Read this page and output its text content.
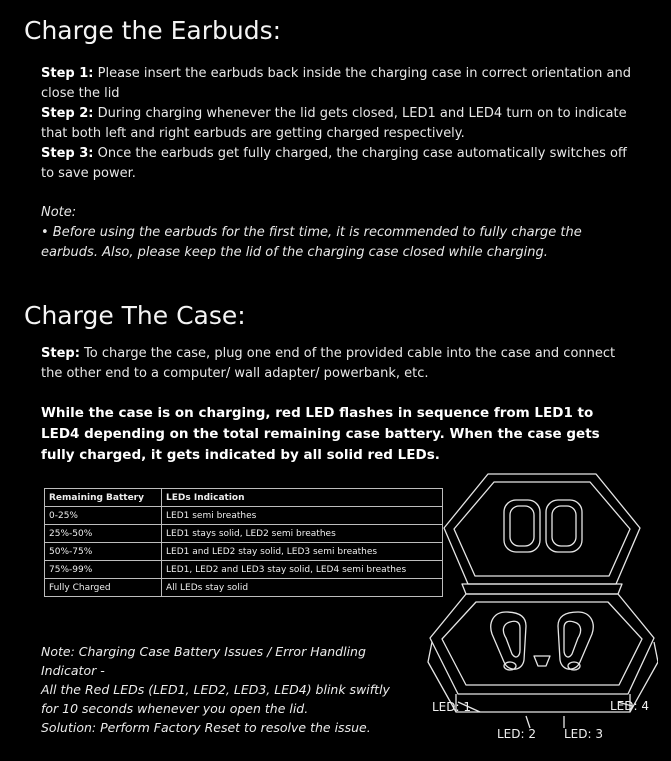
Charge the Earbuds:
Step 1: Please insert the earbuds back inside the charging case in correct orientation and close the lid
Step 2: During charging whenever the lid gets closed, LED1 and LED4 turn on to indicate that both left and right earbuds are getting charged respectively.
Step 3: Once the earbuds get fully charged, the charging case automatically switches off to save power.
Note:
• Before using the earbuds for the first time, it is recommended to fully charge the earbuds. Also, please keep the lid of the charging case closed while charging.
Charge The Case:
Step: To charge the case, plug one end of the provided cable into the case and connect the other end to a computer/ wall adapter/ powerbank, etc.
While the case is on charging, red LED flashes in sequence from LED1 to LED4 depending on the total remaining case battery. When the case gets fully charged, it gets indicated by all solid red LEDs.
Remaining Battery	LEDs Indication
0-25%	LED1 semi breathes
25%-50%	LED1 stays solid, LED2 semi breathes
50%-75%	LED1 and LED2 stay solid, LED3 semi breathes
75%-99%	LED1, LED2 and LED3 stay solid, LED4 semi breathes
Fully Charged	All LEDs stay solid
Note: Charging Case Battery Issues / Error Handling Indicator -
All the Red LEDs (LED1, LED2, LED3, LED4) blink swiftly for 10 seconds whenever you open the lid.
Solution: Perform Factory Reset to resolve the issue.
LED: 1
LED: 2 LED: 3
LED: 4
